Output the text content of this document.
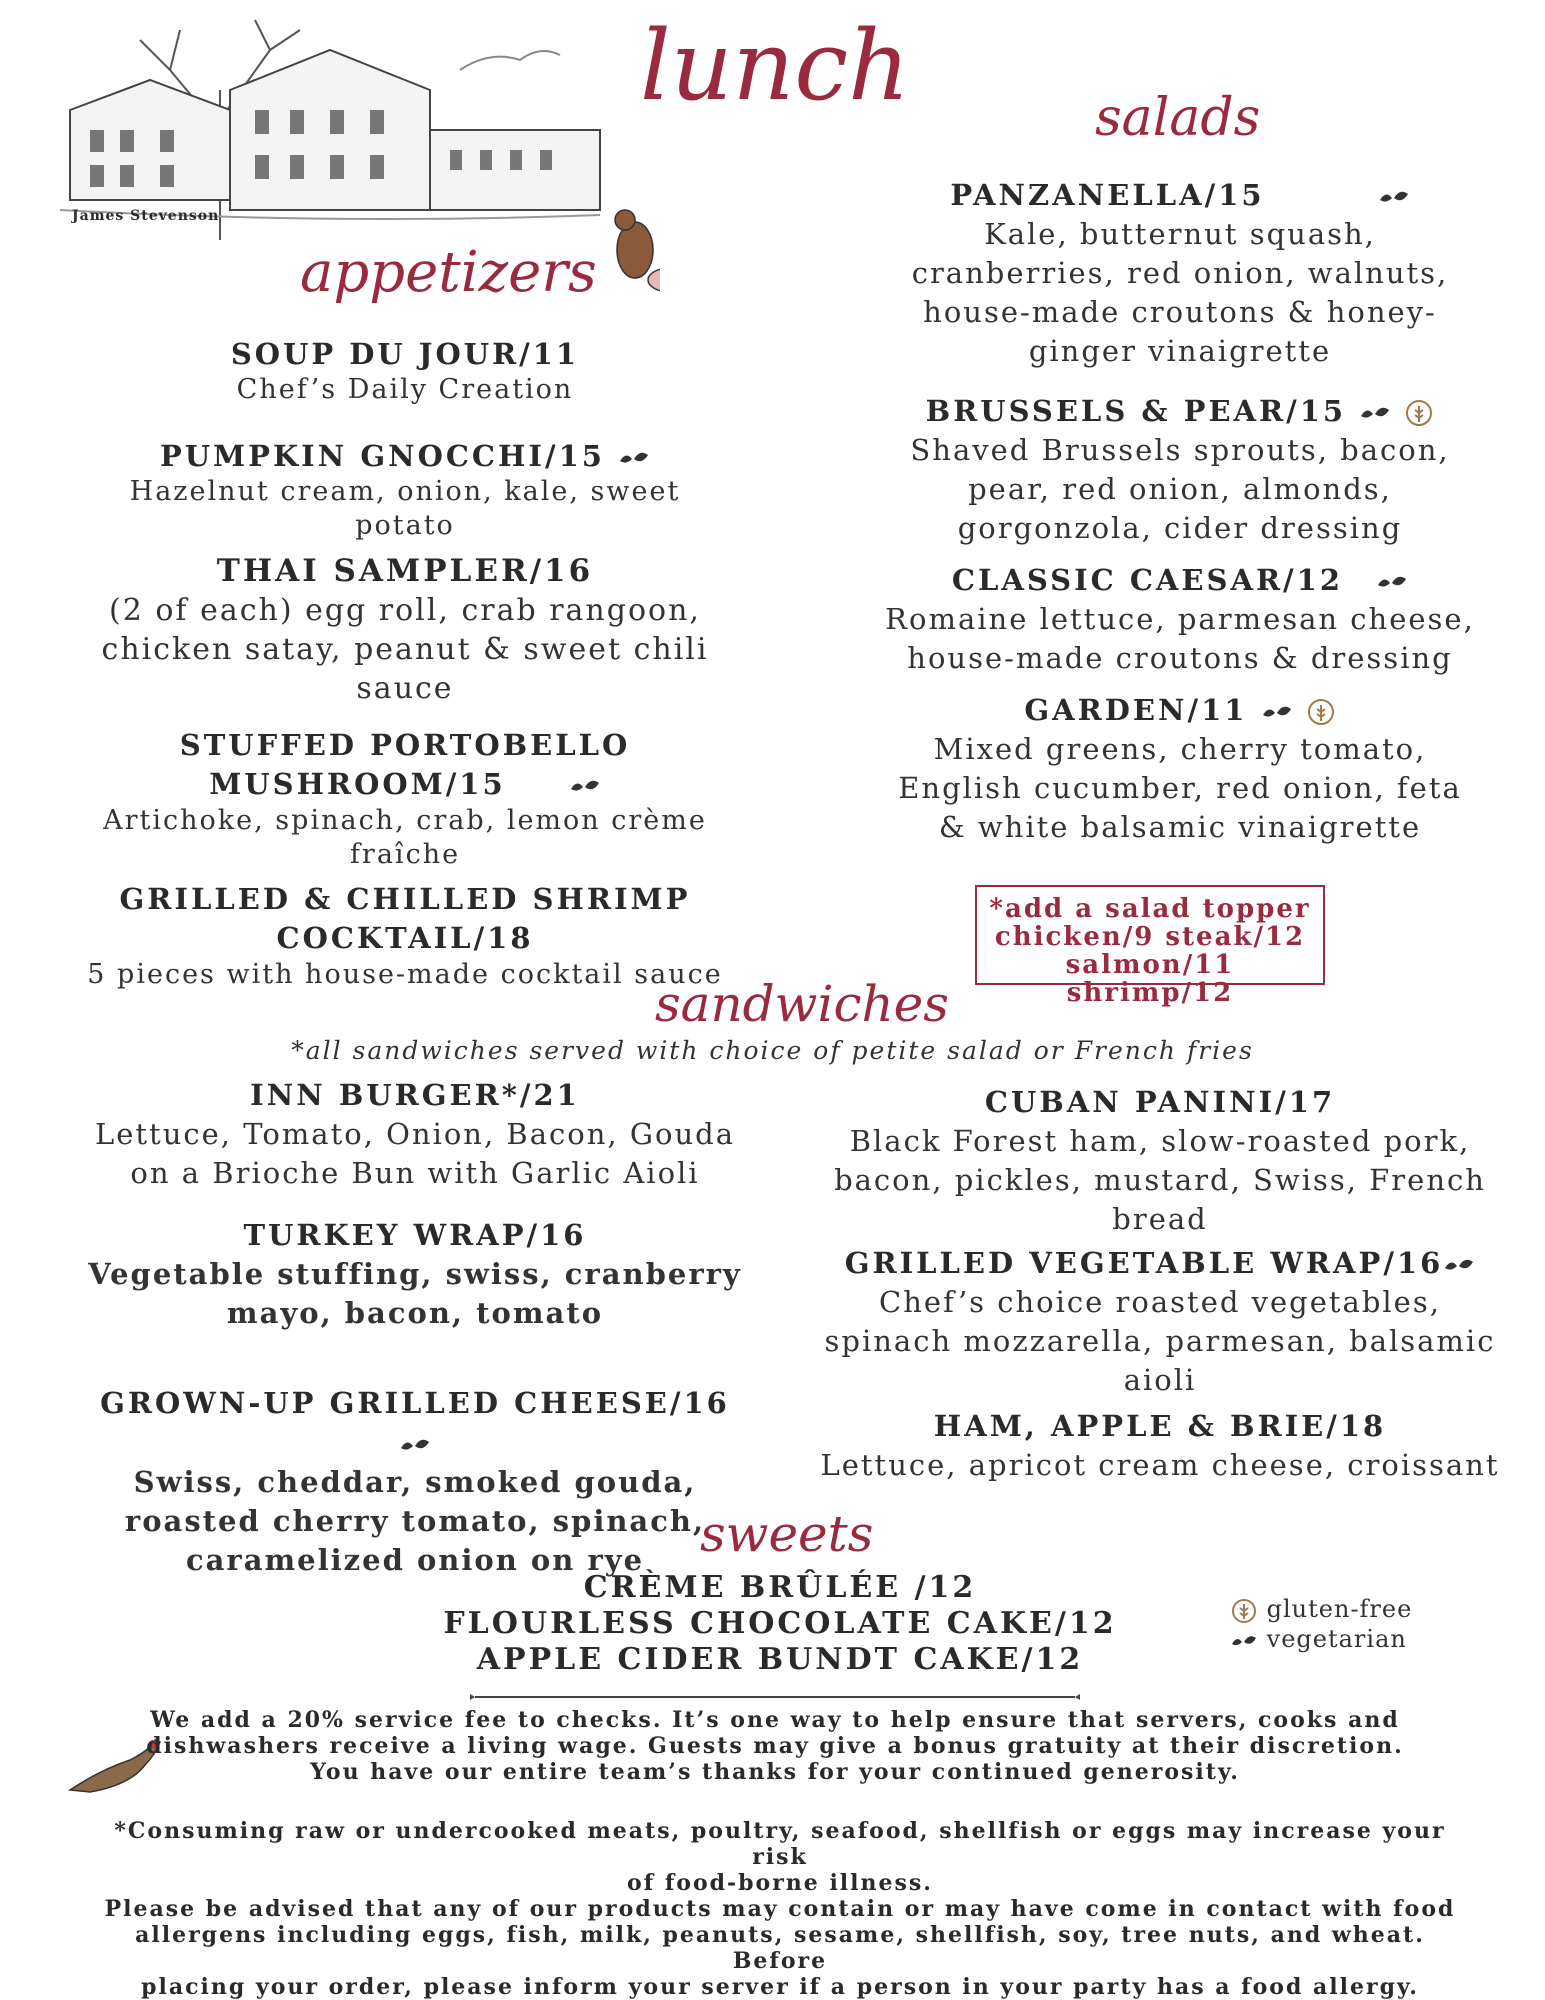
James Stevenson
lunch
appetizers
SOUP DU JOUR/11
Chef’s Daily Creation
PUMPKIN GNOCCHI/15
Hazelnut cream, onion, kale, sweet
potato
THAI SAMPLER/16
(2 of each) egg roll, crab rangoon,
chicken satay, peanut & sweet chili sauce
STUFFED PORTOBELLO
MUSHROOM/15
Artichoke, spinach, crab, lemon crème
fraîche
GRILLED & CHILLED SHRIMP
COCKTAIL/18
5 pieces with house-made cocktail sauce
salads
PANZANELLA/15
Kale, butternut squash,
cranberries, red onion, walnuts,
house-made croutons & honey-
ginger vinaigrette
BRUSSELS & PEAR/15
Shaved Brussels sprouts, bacon,
pear, red onion, almonds,
gorgonzola, cider dressing
CLASSIC CAESAR/12
Romaine lettuce, parmesan cheese,
house-made croutons & dressing
GARDEN/11
Mixed greens, cherry tomato,
English cucumber, red onion, feta
& white balsamic vinaigrette
*add a salad topper
chicken/9 steak/12
salmon/11 shrimp/12
sandwiches
*all sandwiches served with choice of petite salad or French fries
INN BURGER*/21
Lettuce, Tomato, Onion, Bacon, Gouda
on a Brioche Bun with Garlic Aioli
TURKEY WRAP/16
Vegetable stuffing, swiss, cranberry
mayo, bacon, tomato
GROWN-UP GRILLED CHEESE/16
Swiss, cheddar, smoked gouda,
roasted cherry tomato, spinach,
caramelized onion on rye
CUBAN PANINI/17
Black Forest ham, slow-roasted pork,
bacon, pickles, mustard, Swiss, French
bread
GRILLED VEGETABLE WRAP/16
Chef’s choice roasted vegetables,
spinach mozzarella, parmesan, balsamic
aioli
HAM, APPLE & BRIE/18
Lettuce, apricot cream cheese, croissant
sweets
CRÈME BRÛLÉE /12
FLOURLESS CHOCOLATE CAKE/12
APPLE CIDER BUNDT CAKE/12
gluten-free
vegetarian
We add a 20% service fee to checks. It’s one way to help ensure that servers, cooks and
dishwashers receive a living wage. Guests may give a bonus gratuity at their discretion.
You have our entire team’s thanks for your continued generosity.
*Consuming raw or undercooked meats, poultry, seafood, shellfish or eggs may increase your risk
of food-borne illness.
Please be advised that any of our products may contain or may have come in contact with food
allergens including eggs, fish, milk, peanuts, sesame, shellfish, soy, tree nuts, and wheat. Before
placing your order, please inform your server if a person in your party has a food allergy.
